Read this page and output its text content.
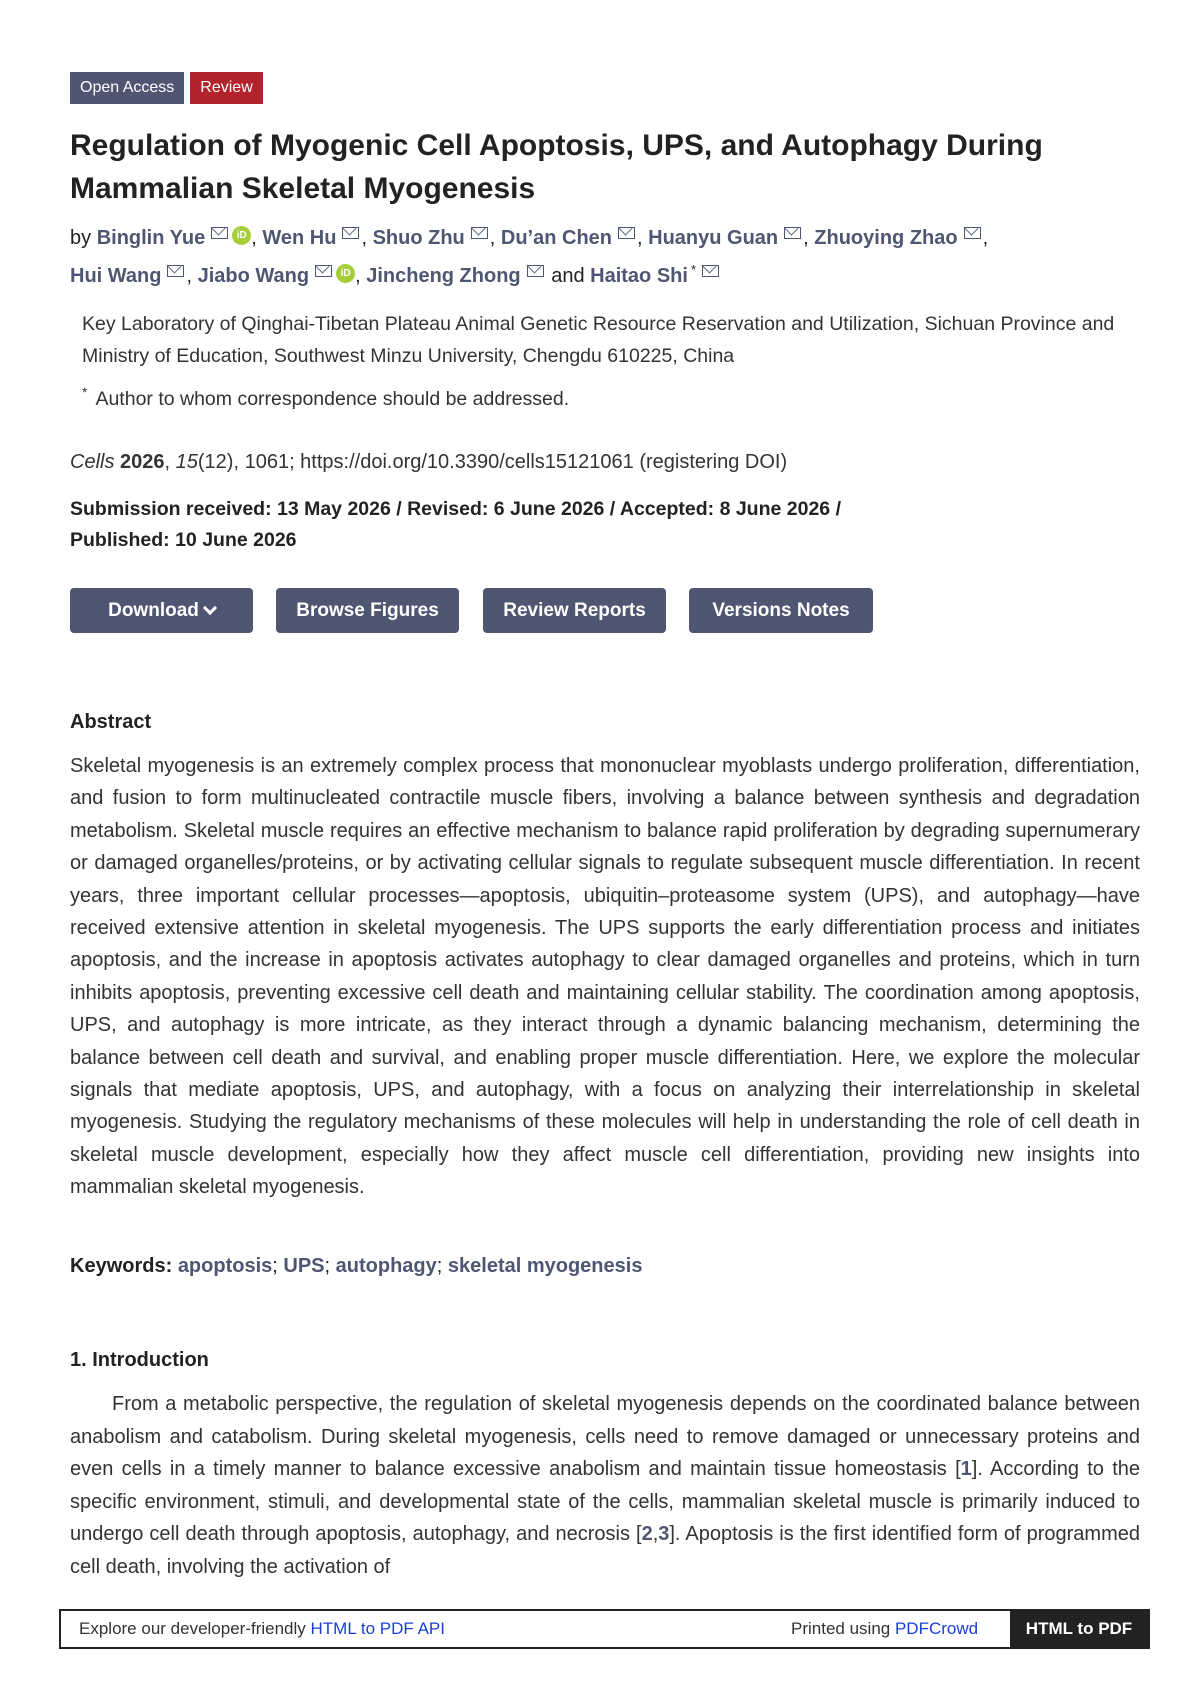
Open Access	Review
Regulation of Myogenic Cell Apoptosis, UPS, and Autophagy During Mammalian Skeletal Myogenesis
by Binglin Yue	iD , Wen Hu , Shuo Zhu , Du’an Chen , Huanyu Guan , Zhuoying Zhao ,
Hui Wang , Jiabo Wang	iD , Jincheng Zhong and Haitao Shi *
Key Laboratory of Qinghai-Tibetan Plateau Animal Genetic Resource Reservation and Utilization, Sichuan Province and Ministry of Education, Southwest Minzu University, Chengdu 610225, China
* Author to whom correspondence should be addressed.
Cells 2026, 15(12), 1061; https://doi.org/10.3390/cells15121061 (registering DOI)
Submission received: 13 May 2026 / Revised: 6 June 2026 / Accepted: 8 June 2026 /
Published: 10 June 2026
Download	Browse Figures	Review Reports	Versions Notes
Abstract

Skeletal myogenesis is an extremely complex process that mononuclear myoblasts undergo proliferation, differentiation, and fusion to form multinucleated contractile muscle fibers, involving a balance between synthesis and degradation metabolism. Skeletal muscle requires an effective mechanism to balance rapid proliferation by degrading supernumerary or damaged organelles/proteins, or by activating cellular signals to regulate subsequent muscle differentiation. In recent years, three important cellular processes—apoptosis, ubiquitin–proteasome system (UPS), and autophagy—have received extensive attention in skeletal myogenesis. The UPS supports the early differentiation process and initiates apoptosis, and the increase in apoptosis activates autophagy to clear damaged organelles and proteins, which in turn inhibits apoptosis, preventing excessive cell death and maintaining cellular stability. The coordination among apoptosis, UPS, and autophagy is more intricate, as they interact through a dynamic balancing mechanism, determining the balance between cell death and survival, and enabling proper muscle differentiation. Here, we explore the molecular signals that mediate apoptosis, UPS, and autophagy, with a focus on analyzing their interrelationship in skeletal myogenesis. Studying the regulatory mechanisms of these molecules will help in understanding the role of cell death in skeletal muscle development, especially how they affect muscle cell differentiation, providing new insights into mammalian skeletal myogenesis.

Keywords: apoptosis; UPS; autophagy; skeletal myogenesis
1. Introduction

From a metabolic perspective, the regulation of skeletal myogenesis depends on the coordinated balance between anabolism and catabolism. During skeletal myogenesis, cells need to remove damaged or unnecessary proteins and even cells in a timely manner to balance excessive anabolism and maintain tissue homeostasis [1]. According to the specific environment, stimuli, and developmental state of the cells, mammalian skeletal muscle is primarily induced to undergo cell death through apoptosis, autophagy, and necrosis [2,3]. Apoptosis is the first identified form of programmed cell death, involving the activation of

Explore our developer-friendly HTML to PDF API	Printed using PDFCrowd	HTML to PDF
